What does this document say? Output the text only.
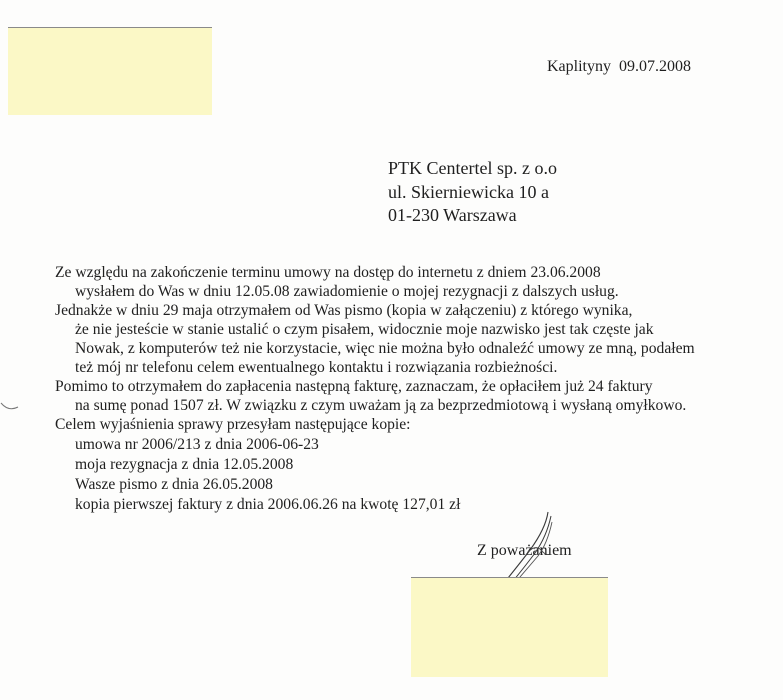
Kaplityny  09.07.2008
PTK Centertel sp. z o.o
ul. Skierniewicka 10 a
01-230 Warszawa
Ze względu na zakończenie terminu umowy na dostęp do internetu z dniem 23.06.2008
wysłałem do Was w dniu 12.05.08 zawiadomienie o mojej rezygnacji z dalszych usług.
Jednakże w dniu 29 maja otrzymałem od Was pismo (kopia w załączeniu) z którego wynika,
że nie jesteście w stanie ustalić o czym pisałem, widocznie moje nazwisko jest tak częste jak
Nowak, z komputerów też nie korzystacie, więc nie można było odnaleźć umowy ze mną, podałem
też mój nr telefonu celem ewentualnego kontaktu i rozwiązania rozbieżności.
Pomimo to otrzymałem do zapłacenia następną fakturę, zaznaczam, że opłaciłem już 24 faktury
na sumę ponad 1507 zł. W związku z czym uważam ją za bezprzedmiotową i wysłaną omyłkowo.
Celem wyjaśnienia sprawy przesyłam następujące kopie:
umowa nr 2006/213 z dnia 2006-06-23
moja rezygnacja z dnia 12.05.2008
Wasze pismo z dnia 26.05.2008
kopia pierwszej faktury z dnia 2006.06.26 na kwotę 127,01 zł
Z poważaniem
